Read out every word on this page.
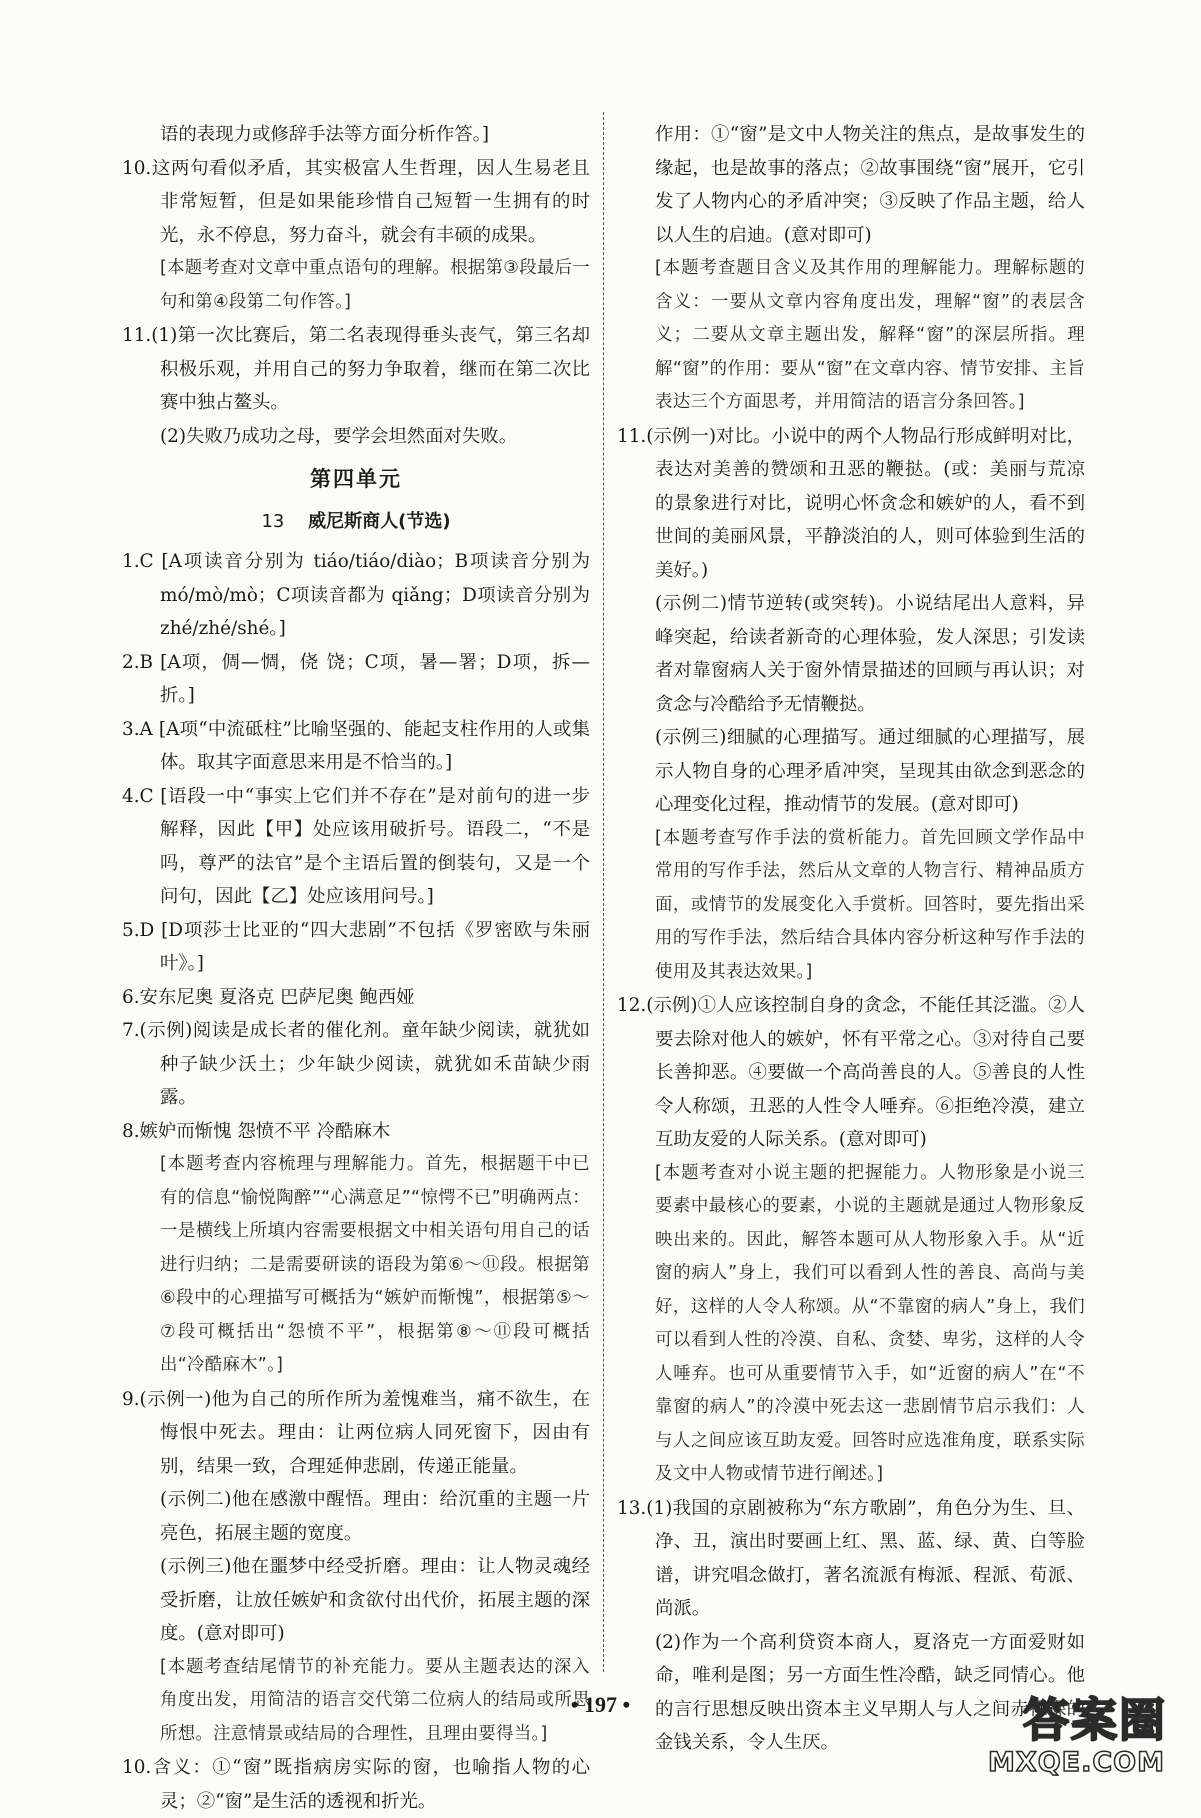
语的表现力或修辞手法等方面分析作答。]

10.这两句看似矛盾，其实极富人生哲理，因人生易老且非常短暂，但是如果能珍惜自己短暂一生拥有的时光，永不停息，努力奋斗，就会有丰硕的成果。

[本题考查对文章中重点语句的理解。根据第③段最后一句和第④段第二句作答。]

11.(1)第一次比赛后，第二名表现得垂头丧气，第三名却积极乐观，并用自己的努力争取着，继而在第二次比赛中独占鳌头。

(2)失败乃成功之母，要学会坦然面对失败。

第四单元
13 威尼斯商人(节选)

1.C [A项读音分别为 tiáo/tiáo/diào；B项读音分别为 mó/mò/mò；C项读音都为 qiǎng；D项读音分别为 zhé/zhé/shé。]

2.B [A项，倜—惆，侥 饶；C项，暑—署；D项，拆—折。]

3.A [A项“中流砥柱”比喻坚强的、能起支柱作用的人或集体。取其字面意思来用是不恰当的。]

4.C [语段一中“事实上它们并不存在”是对前句的进一步解释，因此【甲】处应该用破折号。语段二，“不是吗，尊严的法官”是个主语后置的倒装句，又是一个问句，因此【乙】处应该用问号。]

5.D [D项莎士比亚的“四大悲剧”不包括《罗密欧与朱丽叶》。]

6.安东尼奥 夏洛克 巴萨尼奥 鲍西娅

7.(示例)阅读是成长者的催化剂。童年缺少阅读，就犹如种子缺少沃土；少年缺少阅读，就犹如禾苗缺少雨露。

8.嫉妒而惭愧 怨愤不平 冷酷麻木

[本题考查内容梳理与理解能力。首先，根据题干中已有的信息“愉悦陶醉”“心满意足”“惊愕不已”明确两点：一是横线上所填内容需要根据文中相关语句用自己的话进行归纳；二是需要研读的语段为第⑥～⑪段。根据第⑥段中的心理描写可概括为“嫉妒而惭愧”，根据第⑤～⑦段可概括出“怨愤不平”，根据第⑧～⑪段可概括出“冷酷麻木”。]

9.(示例一)他为自己的所作所为羞愧难当，痛不欲生，在悔恨中死去。理由：让两位病人同死窗下，因由有别，结果一致，合理延伸悲剧，传递正能量。

(示例二)他在感激中醒悟。理由：给沉重的主题一片亮色，拓展主题的宽度。

(示例三)他在噩梦中经受折磨。理由：让人物灵魂经受折磨，让放任嫉妒和贪欲付出代价，拓展主题的深度。(意对即可)

[本题考查结尾情节的补充能力。要从主题表达的深入角度出发，用简洁的语言交代第二位病人的结局或所思所想。注意情景或结局的合理性，且理由要得当。]

10.含义：①“窗”既指病房实际的窗，也喻指人物的心灵；②“窗”是生活的透视和折光。

作用：①“窗”是文中人物关注的焦点，是故事发生的缘起，也是故事的落点；②故事围绕“窗”展开，它引发了人物内心的矛盾冲突；③反映了作品主题，给人以人生的启迪。(意对即可)

[本题考查题目含义及其作用的理解能力。理解标题的含义：一要从文章内容角度出发，理解“窗”的表层含义；二要从文章主题出发，解释“窗”的深层所指。理解“窗”的作用：要从“窗”在文章内容、情节安排、主旨表达三个方面思考，并用简洁的语言分条回答。]

11.(示例一)对比。小说中的两个人物品行形成鲜明对比，表达对美善的赞颂和丑恶的鞭挞。(或：美丽与荒凉的景象进行对比，说明心怀贪念和嫉妒的人，看不到世间的美丽风景，平静淡泊的人，则可体验到生活的美好。)

(示例二)情节逆转(或突转)。小说结尾出人意料，异峰突起，给读者新奇的心理体验，发人深思；引发读者对靠窗病人关于窗外情景描述的回顾与再认识；对贪念与冷酷给予无情鞭挞。

(示例三)细腻的心理描写。通过细腻的心理描写，展示人物自身的心理矛盾冲突，呈现其由欲念到恶念的心理变化过程，推动情节的发展。(意对即可)

[本题考查写作手法的赏析能力。首先回顾文学作品中常用的写作手法，然后从文章的人物言行、精神品质方面，或情节的发展变化入手赏析。回答时，要先指出采用的写作手法，然后结合具体内容分析这种写作手法的使用及其表达效果。]

12.(示例)①人应该控制自身的贪念，不能任其泛滥。②人要去除对他人的嫉妒，怀有平常之心。③对待自己要长善抑恶。④要做一个高尚善良的人。⑤善良的人性令人称颂，丑恶的人性令人唾弃。⑥拒绝冷漠，建立互助友爱的人际关系。(意对即可)

[本题考查对小说主题的把握能力。人物形象是小说三要素中最核心的要素，小说的主题就是通过人物形象反映出来的。因此，解答本题可从人物形象入手。从“近窗的病人”身上，我们可以看到人性的善良、高尚与美好，这样的人令人称颂。从“不靠窗的病人”身上，我们可以看到人性的冷漠、自私、贪婪、卑劣，这样的人令人唾弃。也可从重要情节入手，如“近窗的病人”在“不靠窗的病人”的冷漠中死去这一悲剧情节启示我们：人与人之间应该互助友爱。回答时应选准角度，联系实际及文中人物或情节进行阐述。]

13.(1)我国的京剧被称为“东方歌剧”，角色分为生、旦、净、丑，演出时要画上红、黑、蓝、绿、黄、白等脸谱，讲究唱念做打，著名流派有梅派、程派、荀派、尚派。

(2)作为一个高利贷资本商人，夏洛克一方面爱财如命，唯利是图；另一方面生性冷酷，缺乏同情心。他的言行思想反映出资本主义早期人与人之间赤裸裸的金钱关系，令人生厌。

• 197 •	答案圈
MXQE.COM
